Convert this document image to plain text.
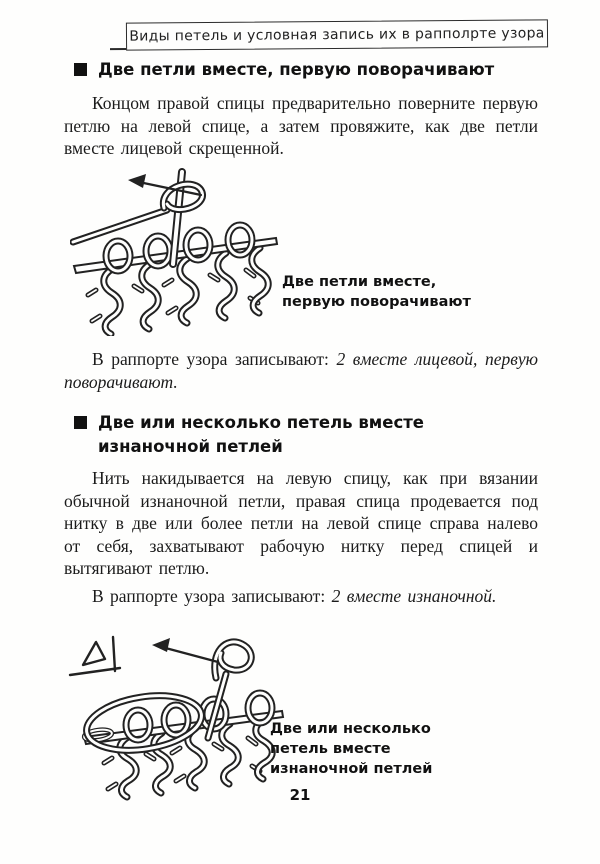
Виды петель и условная запись их в рапполрте узора
Две петли вместе, первую поворачивают

Концом правой спицы предварительно поверните первую петлю на левой спице, а затем провяжите, как две петли вместе лицевой скрещенной.

Две петли вместе, первую поворачивают

В раппорте узора записывают: 2 вместе лицевой, первую поворачивают.

Две или несколько петель вместе изнаночной петлей

Нить накидывается на левую спицу, как при вязании обычной изнаночной петли, правая спица продевается под нитку в две или более петли на левой спице справа налево от себя, захватывают рабочую нитку перед спицей и вытягивают петлю.

В раппорте узора записывают: 2 вместе изнаночной.

Две или несколько петель вместе изнаночной петлей
21
